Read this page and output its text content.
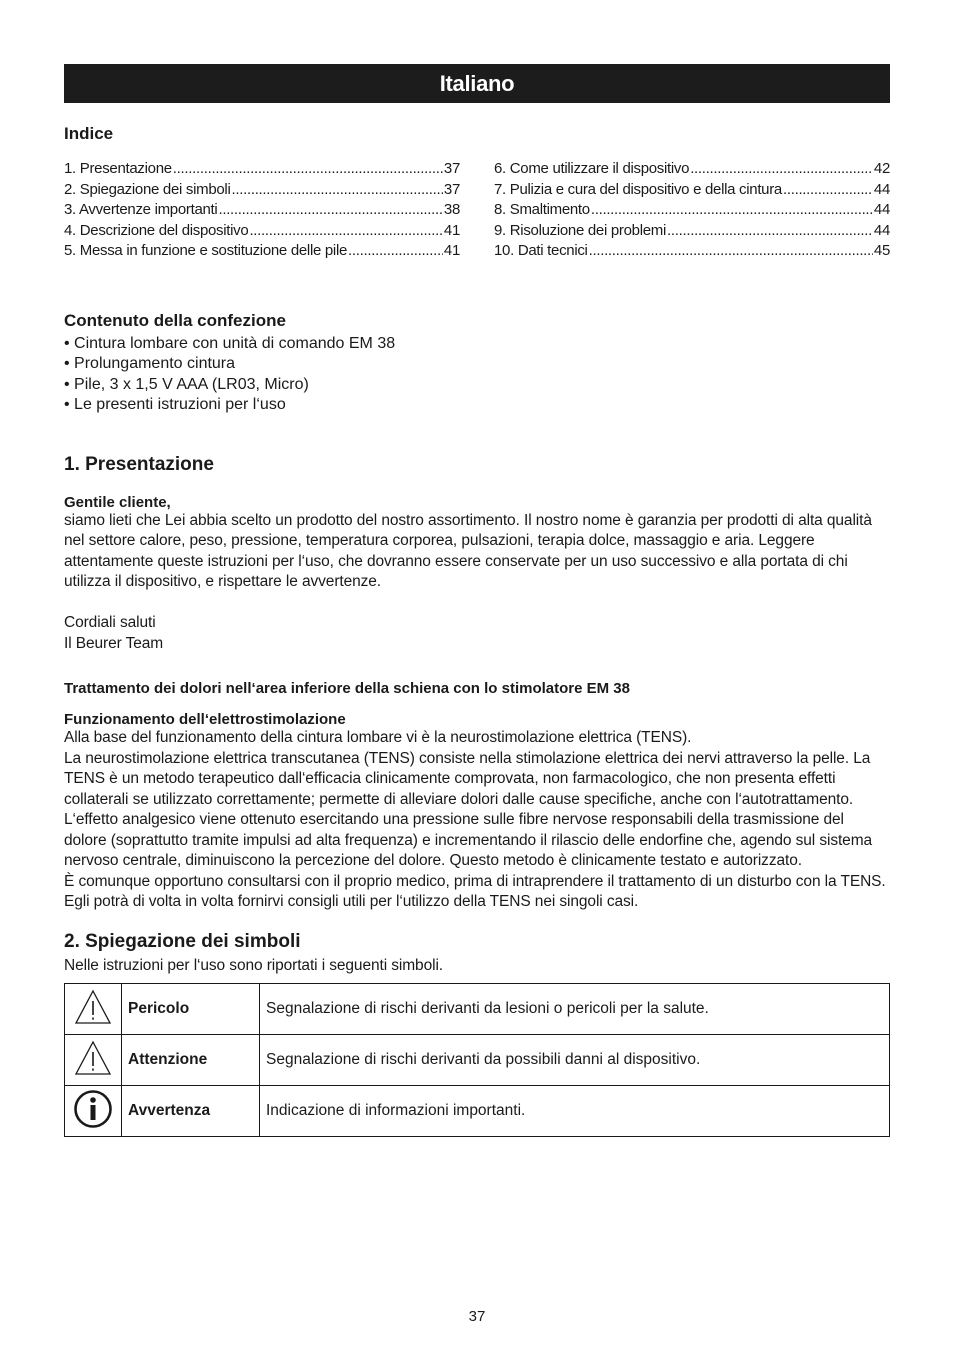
Italiano
Indice
1. Presentazione .....	37
2. Spiegazione dei simboli .....	37
3. Avvertenze importanti .....	38
4. Descrizione del dispositivo .....	41
5. Messa in funzione e sostituzione delle pile .....	41
6. Come utilizzare il dispositivo .....	42
7. Pulizia e cura del dispositivo e della cintura .....	44
8. Smaltimento .....	44
9. Risoluzione dei problemi .....	44
10. Dati tecnici .....	45
Contenuto della confezione
• Cintura lombare con unità di comando EM 38
• Prolungamento cintura
• Pile, 3 x 1,5 V AAA (LR03, Micro)
• Le presenti istruzioni per l‘uso
1. Presentazione

Gentile cliente,

siamo lieti che Lei abbia scelto un prodotto del nostro assortimento. Il nostro nome è garanzia per prodotti di alta qualità nel settore calore, peso, pressione, temperatura corporea, pulsazioni, terapia dolce, massaggio e aria. Leggere attentamente queste istruzioni per l‘uso, che dovranno essere conservate per un uso successivo e alla portata di chi utilizza il dispositivo, e rispettare le avvertenze.

Cordiali saluti

Il Beurer Team

Trattamento dei dolori nell‘area inferiore della schiena con lo stimolatore EM 38

Funzionamento dell‘elettrostimolazione

Alla base del funzionamento della cintura lombare vi è la neurostimolazione elettrica (TENS).

La neurostimolazione elettrica transcutanea (TENS) consiste nella stimolazione elettrica dei nervi attraverso la pelle. La TENS è un metodo terapeutico dall‘efficacia clinicamente comprovata, non farmacologico, che non presenta effetti collaterali se utilizzato correttamente; permette di alleviare dolori dalle cause specifiche, anche con l‘autotrattamento.

L‘effetto analgesico viene ottenuto esercitando una pressione sulle fibre nervose responsabili della trasmissione del dolore (soprattutto tramite impulsi ad alta frequenza) e incrementando il rilascio delle endorfine che, agendo sul sistema nervoso centrale, diminuiscono la percezione del dolore. Questo metodo è clinicamente testato e autorizzato.

È comunque opportuno consultarsi con il proprio medico, prima di intraprendere il trattamento di un disturbo con la TENS. Egli potrà di volta in volta fornirvi consigli utili per l‘utilizzo della TENS nei singoli casi.

2. Spiegazione dei simboli

Nelle istruzioni per l‘uso sono riportati i seguenti simboli.

	Pericolo	Segnalazione di rischi derivanti da lesioni o pericoli per la salute.
	Attenzione	Segnalazione di rischi derivanti da possibili danni al dispositivo.
	Avvertenza	Indicazione di informazioni importanti.
37
